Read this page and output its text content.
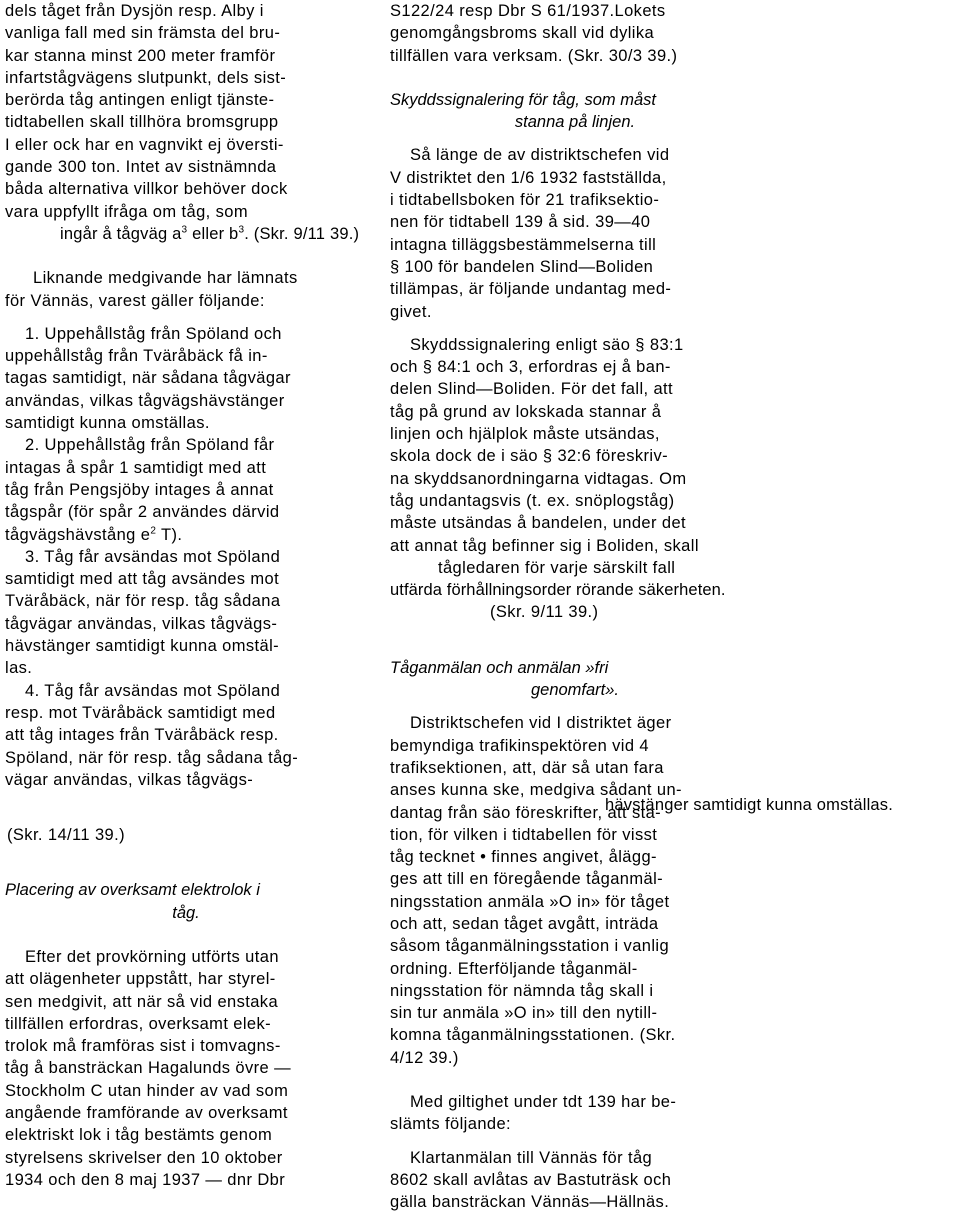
dels tåget från Dysjön resp. Alby i
vanliga fall med sin främsta del bru-
kar stanna minst 200 meter framför
infartstågvägens slutpunkt, dels sist-
berörda tåg antingen enligt tjänste-
tidtabellen skall tillhöra bromsgrupp
I eller ock har en vagnvikt ej översti-
gande 300 ton. Intet av sistnämnda
båda alternativa villkor behöver dock
vara uppfyllt ifråga om tåg, som
ingår å tågväg $a^3$ eller $b^3$. (Skr. 9/11 39.)
Liknande medgivande har lämnats
för Vännäs, varest gäller följande:
1. Uppehållståg från Spöland och
uppehållståg från Tväråbäck få in-
tagas samtidigt, när sådana tågvägar
användas, vilkas tågvägshävstänger
samtidigt kunna omställas.
2. Uppehållståg från Spöland får
intagas å spår 1 samtidigt med att
tåg från Pengsjöby intages å annat
tågspår (för spår 2 användes därvid
tågvägshävstång $e^2$ T).
3. Tåg får avsändas mot Spöland
samtidigt med att tåg avsändes mot
Tväråbäck, när för resp. tåg sådana
tågvägar användas, vilkas tågvägs-
hävstänger samtidigt kunna omstäl-
las.
4. Tåg får avsändas mot Spöland
resp. mot Tväråbäck samtidigt med
att tåg intages från Tväråbäck resp.
Spöland, när för resp. tåg sådana tåg-
vägar användas, vilkas tågvägs-
(Skr. 14/11 39.)
Placering av overksamt elektrolok i
tåg.
Efter det provkörning utförts utan
att olägenheter uppstått, har styrel-
sen medgivit, att när så vid enstaka
tillfällen erfordras, overksamt elek-
trolok må framföras sist i tomvagns-
tåg å bansträckan Hagalunds övre —
Stockholm C utan hinder av vad som
angående framförande av overksamt
elektriskt lok i tåg bestämts genom
styrelsens skrivelser den 10 oktober
1934 och den 8 maj 1937 — dnr Dbr
S122/24 resp Dbr S 61/1937.Lokets
genomgångsbroms skall vid dylika
tillfällen vara verksam. (Skr. 30/3 39.)
Skyddssignalering för tåg, som måst
stanna på linjen.
Så länge de av distriktschefen vid
V distriktet den 1/6 1932 fastställda,
i tidtabellsboken för 21 trafiksektio-
nen för tidtabell 139 å sid. 39—40
intagna tilläggsbestämmelserna till
§ 100 för bandelen Slind—Boliden
tillämpas, är följande undantag med-
givet.
Skyddssignalering enligt säo § 83:1
och § 84:1 och 3, erfordras ej å ban-
delen Slind—Boliden. För det fall, att
tåg på grund av lokskada stannar å
linjen och hjälplok måste utsändas,
skola dock de i säo § 32:6 föreskriv-
na skyddsanordningarna vidtagas. Om
tåg undantagsvis (t. ex. snöplogståg)
måste utsändas å bandelen, under det
att annat tåg befinner sig i Boliden, skall
tågledaren för varje särskilt fall
utfärda förhållningsorder rörande säkerheten.
(Skr. 9/11 39.)
Tåganmälan och anmälan »fri
genomfart».
Distriktschefen vid I distriktet äger
bemyndiga trafikinspektören vid 4
trafiksektionen, att, där så utan fara
anses kunna ske, medgiva sådant un-
dantag från säo föreskrifter, att sta-
tion, för vilken i tidtabellen för visst
tåg tecknet • finnes angivet, ålägg-
ges att till en föregående tåganmäl-
ningsstation anmäla »O in» för tåget
och att, sedan tåget avgått, inträda
såsom tåganmälningsstation i vanlig
ordning. Efterföljande tåganmäl-
ningsstation för nämnda tåg skall i
sin tur anmäla »O in» till den nytill-
komna tåganmälningsstationen. (Skr.
4/12 39.)
Med giltighet under tdt 139 har be-
slämts följande:
Klartanmälan till Vännäs för tåg
8602 skall avlåtas av Bastuträsk och
gälla bansträckan Vännäs—Hällnäs.
hävstänger samtidigt kunna omställas.
